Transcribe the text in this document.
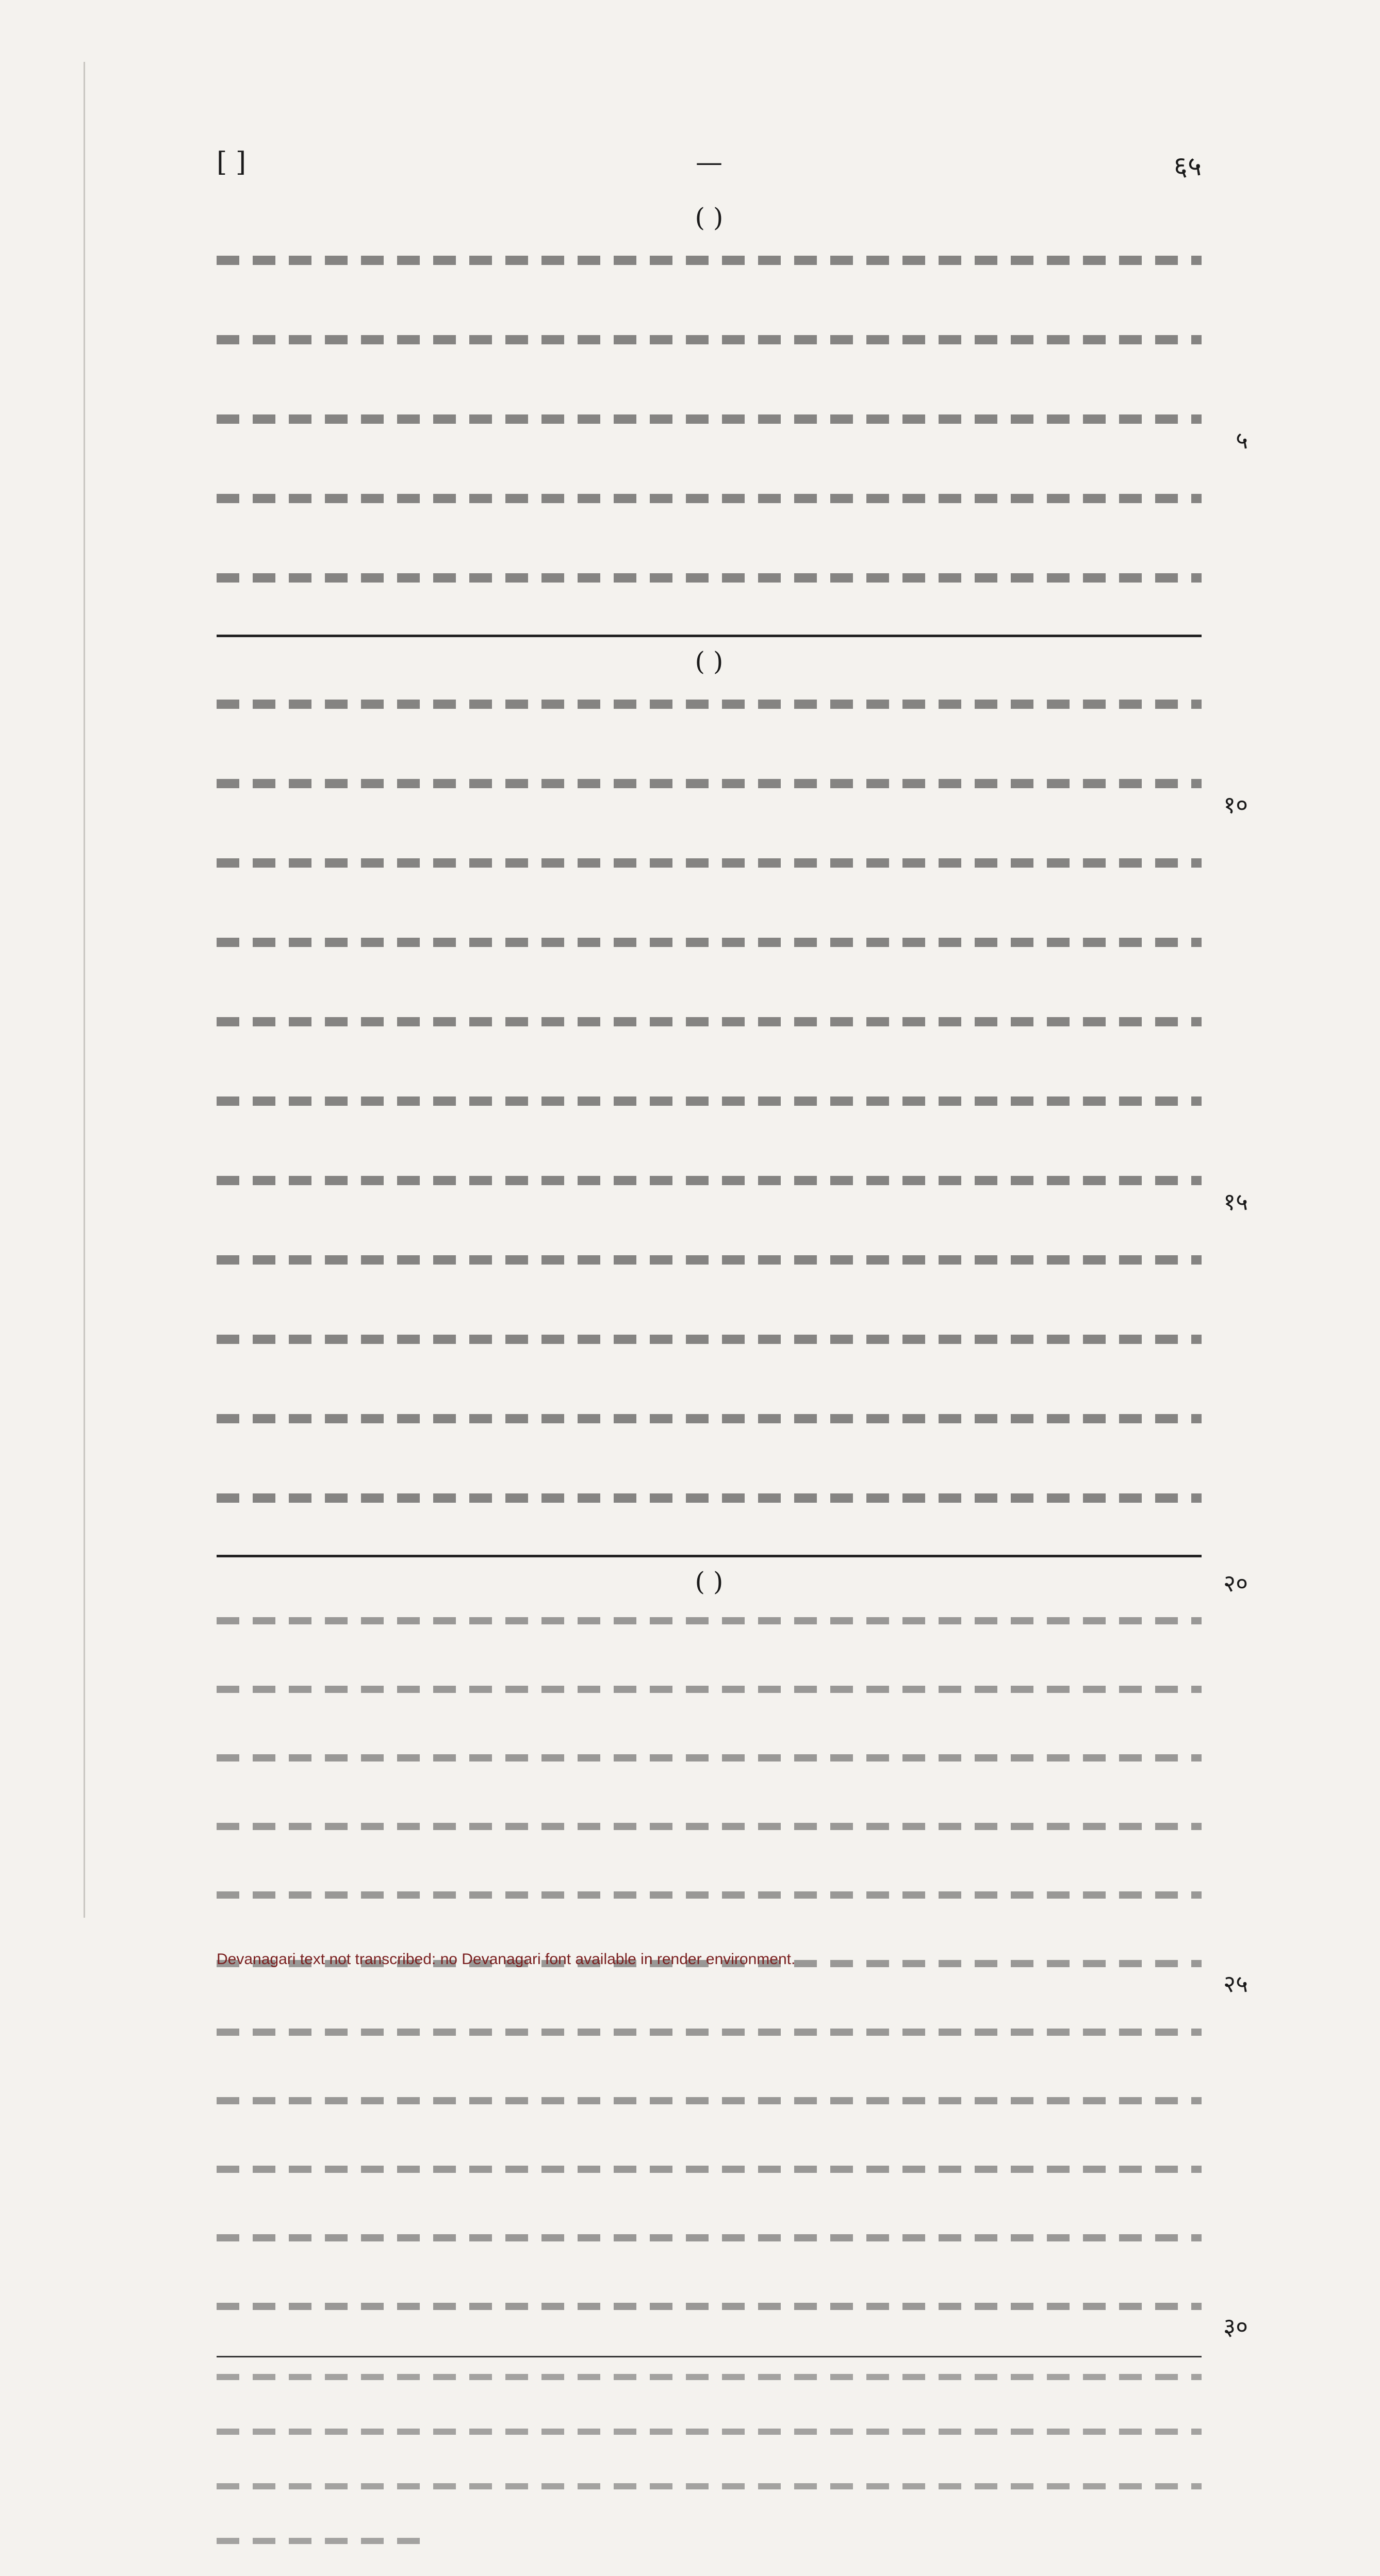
[ ]	—	६५
( )
५
( )
१०
१५
( )	२०
२५
३०
Devanagari text not transcribed: no Devanagari font available in render environment.
